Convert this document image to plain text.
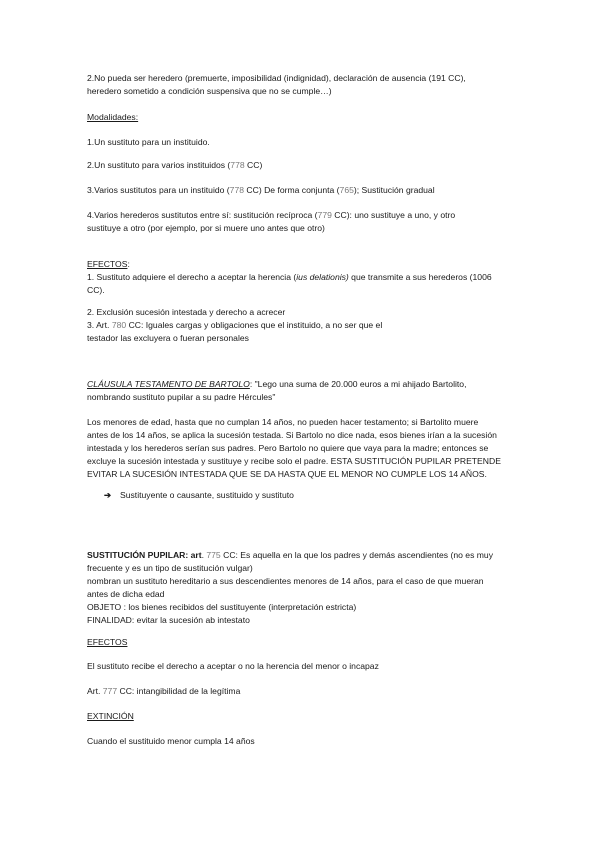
2.No pueda ser heredero (premuerte, imposibilidad (indignidad), declaración de ausencia (191 CC),
heredero sometido a condición suspensiva que no se cumple…)
Modalidades:
1.Un sustituto para un instituido.
2.Un sustituto para varios instituidos (778 CC)
3.Varios sustitutos para un instituido (778 CC) De forma conjunta (765); Sustitución gradual
4.Varios herederos sustitutos entre sí: sustitución recíproca (779 CC): uno sustituye a uno, y otro
sustituye a otro (por ejemplo, por si muere uno antes que otro)
EFECTOS:
1. Sustituto adquiere el derecho a aceptar la herencia (ius delationis) que transmite a sus herederos (1006
CC).
2. Exclusión sucesión intestada y derecho a acrecer
3. Art. 780 CC: Iguales cargas y obligaciones que el instituido, a no ser que el
testador las excluyera o fueran personales
CLÁUSULA TESTAMENTO DE BARTOLO: "Lego una suma de 20.000 euros a mi ahijado Bartolito,
nombrando sustituto pupilar a su padre Hércules"
Los menores de edad, hasta que no cumplan 14 años, no pueden hacer testamento; si Bartolito muere
antes de los 14 años, se aplica la sucesión testada. Si Bartolo no dice nada, esos bienes irían a la sucesión
intestada y los herederos serían sus padres. Pero Bartolo no quiere que vaya para la madre; entonces se
excluye la sucesión intestada y sustituye y recibe solo el padre. ESTA SUSTITUCIÓN PUPILAR PRETENDE
EVITAR LA SUCESIÓN INTESTADA QUE SE DA HASTA QUE EL MENOR NO CUMPLE LOS 14 AÑOS.
➔ Sustituyente o causante, sustituido y sustituto
SUSTITUCIÓN PUPILAR: art. 775 CC: Es aquella en la que los padres y demás ascendientes (no es muy
frecuente y es un tipo de sustitución vulgar)
nombran un sustituto hereditario a sus descendientes menores de 14 años, para el caso de que mueran
antes de dicha edad
OBJETO : los bienes recibidos del sustituyente (interpretación estricta)
FINALIDAD: evitar la sucesión ab intestato
EFECTOS
El sustituto recibe el derecho a aceptar o no la herencia del menor o incapaz
Art. 777 CC: intangibilidad de la legítima
EXTINCIÓN
Cuando el sustituido menor cumpla 14 años
